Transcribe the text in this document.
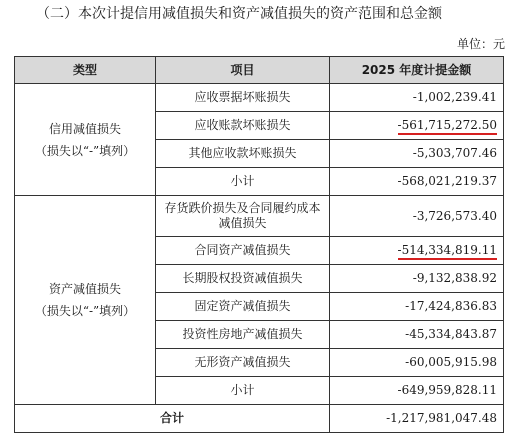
（二）本次计提信用减值损失和资产减值损失的资产范围和总金额
单位：元
类型	项目	2025 年度计提金额

信用减值损失
（损失以“-”填列）	应收票据坏账损失	-1,002,239.41
	应收账款坏账损失	-561,715,272.50
	其他应收款坏账损失	-5,303,707.46
	小计	-568,021,219.37

资产减值损失
（损失以“-”填列）	存货跌价损失及合同履约成本减值损失	-3,726,573.40
	合同资产减值损失	-514,334,819.11
	长期股权投资减值损失	-9,132,838.92
	固定资产减值损失	-17,424,836.83
	投资性房地产减值损失	-45,334,843.87
	无形资产减值损失	-60,005,915.98
	小计	-649,959,828.11
合计		-1,217,981,047.48
